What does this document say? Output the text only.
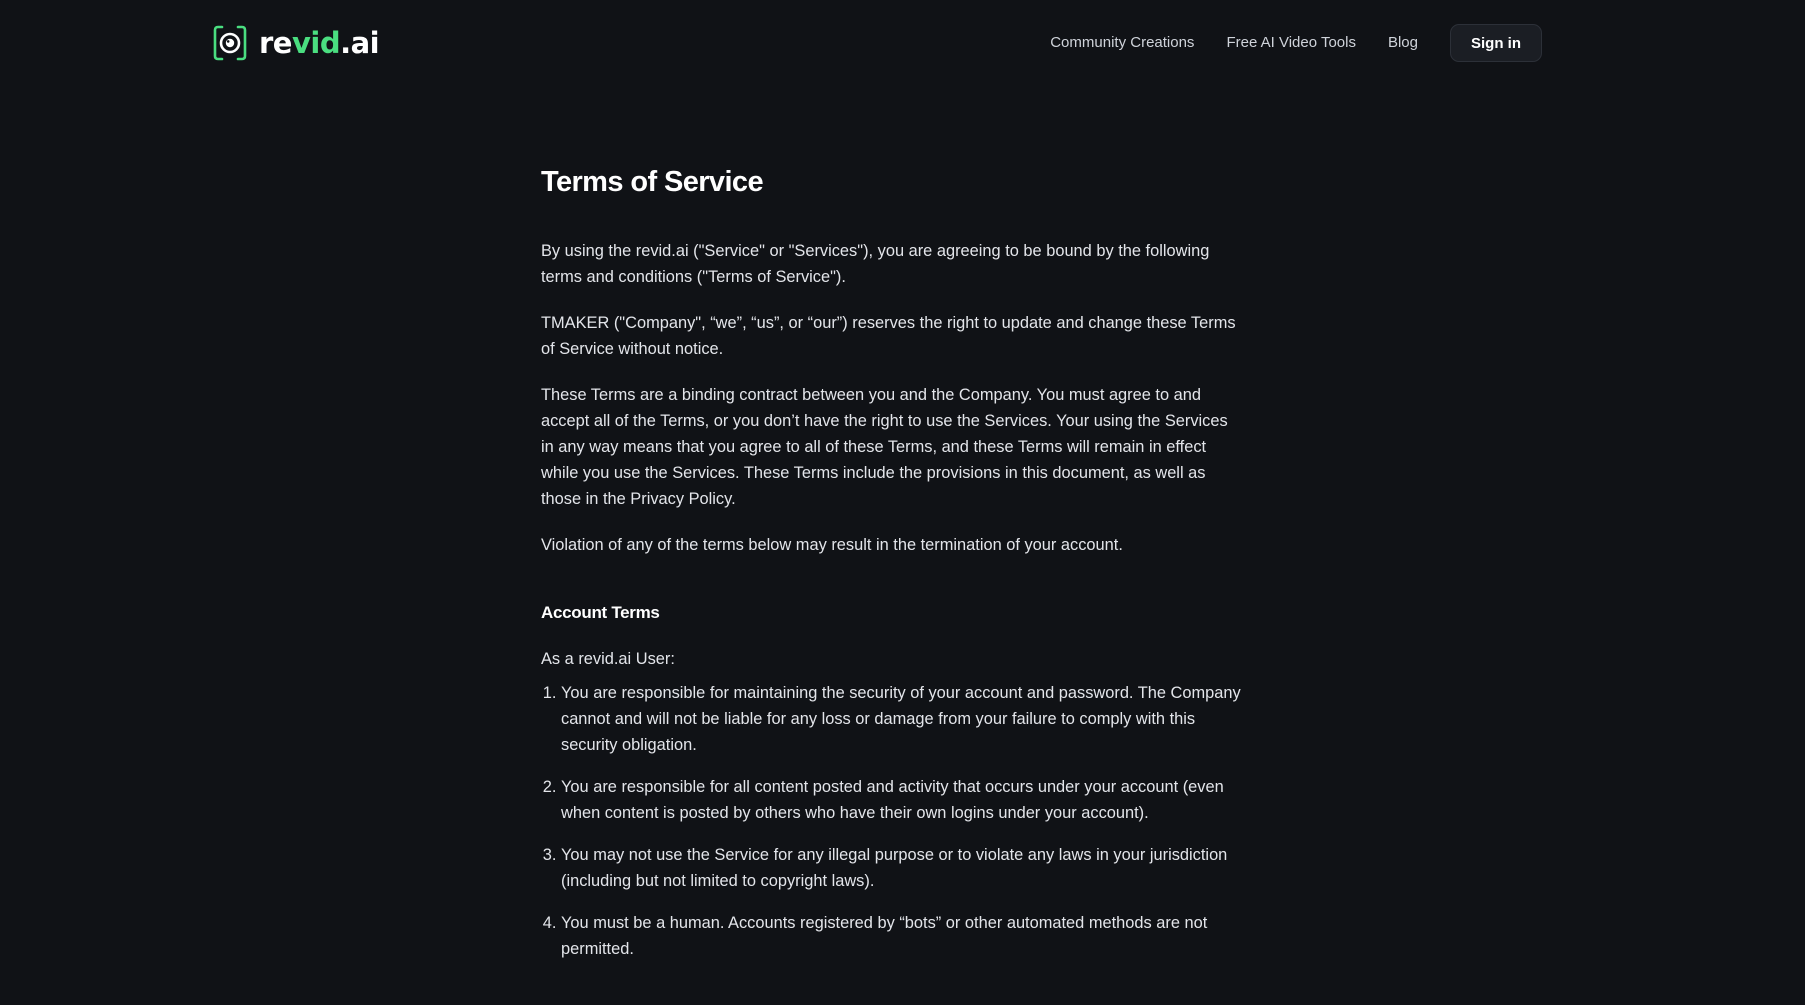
revid.ai	Community Creations Free AI Video Tools Blog	Sign in
Terms of Service

By using the revid.ai ("Service" or "Services"), you are agreeing to be bound by the following terms and conditions ("Terms of Service").

TMAKER ("Company", “we”, “us”, or “our”) reserves the right to update and change these Terms of Service without notice.

These Terms are a binding contract between you and the Company. You must agree to and accept all of the Terms, or you don’t have the right to use the Services. Your using the Services in any way means that you agree to all of these Terms, and these Terms will remain in effect while you use the Services. These Terms include the provisions in this document, as well as those in the Privacy Policy.

Violation of any of the terms below may result in the termination of your account.

Account Terms

As a revid.ai User:

1. You are responsible for maintaining the security of your account and password. The Company cannot and will not be liable for any loss or damage from your failure to comply with this security obligation.
2. You are responsible for all content posted and activity that occurs under your account (even when content is posted by others who have their own logins under your account).
3. You may not use the Service for any illegal purpose or to violate any laws in your jurisdiction (including but not limited to copyright laws).
4. You must be a human. Accounts registered by “bots” or other automated methods are not permitted.
